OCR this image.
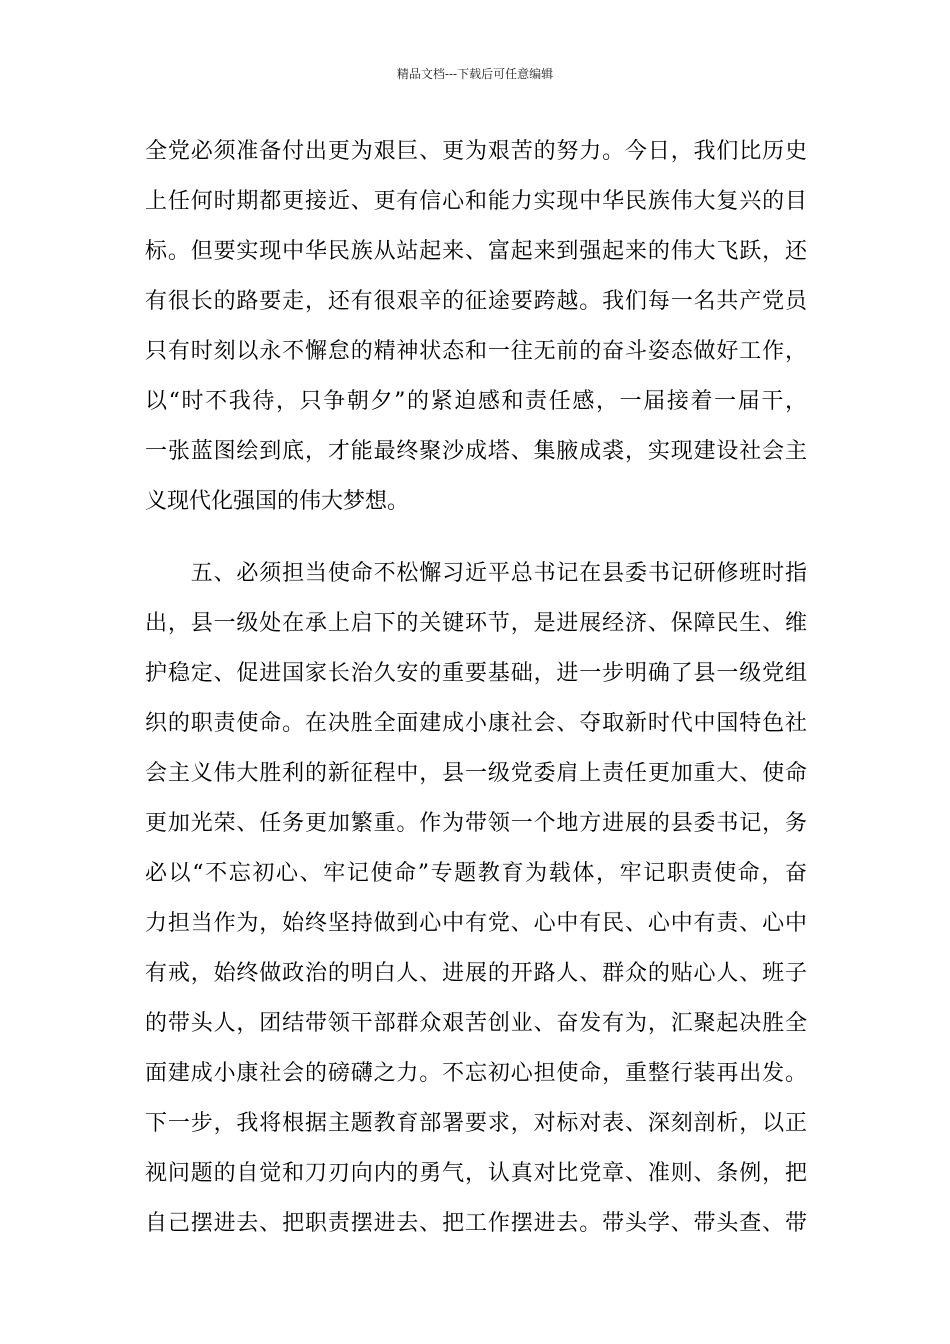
精品文档---下载后可任意编辑
全党必须准备付出更为艰巨、更为艰苦的努力。今日，我们比历史
上任何时期都更接近、更有信心和能力实现中华民族伟大复兴的目
标。但要实现中华民族从站起来、富起来到强起来的伟大飞跃，还
有很长的路要走，还有很艰辛的征途要跨越。我们每一名共产党员
只有时刻以永不懈怠的精神状态和一往无前的奋斗姿态做好工作，
以“时不我待，只争朝夕”的紧迫感和责任感，一届接着一届干，
一张蓝图绘到底，才能最终聚沙成塔、集腋成裘，实现建设社会主
义现代化强国的伟大梦想。
　　五、必须担当使命不松懈习近平总书记在县委书记研修班时指
出，县一级处在承上启下的关键环节，是进展经济、保障民生、维
护稳定、促进国家长治久安的重要基础，进一步明确了县一级党组
织的职责使命。在决胜全面建成小康社会、夺取新时代中国特色社
会主义伟大胜利的新征程中，县一级党委肩上责任更加重大、使命
更加光荣、任务更加繁重。作为带领一个地方进展的县委书记，务
必以“不忘初心、牢记使命”专题教育为载体，牢记职责使命，奋
力担当作为，始终坚持做到心中有党、心中有民、心中有责、心中
有戒，始终做政治的明白人、进展的开路人、群众的贴心人、班子
的带头人，团结带领干部群众艰苦创业、奋发有为，汇聚起决胜全
面建成小康社会的磅礴之力。不忘初心担使命，重整行装再出发。
下一步，我将根据主题教育部署要求，对标对表、深刻剖析，以正
视问题的自觉和刀刃向内的勇气，认真对比党章、准则、条例，把
自己摆进去、把职责摆进去、把工作摆进去。带头学、带头查、带
